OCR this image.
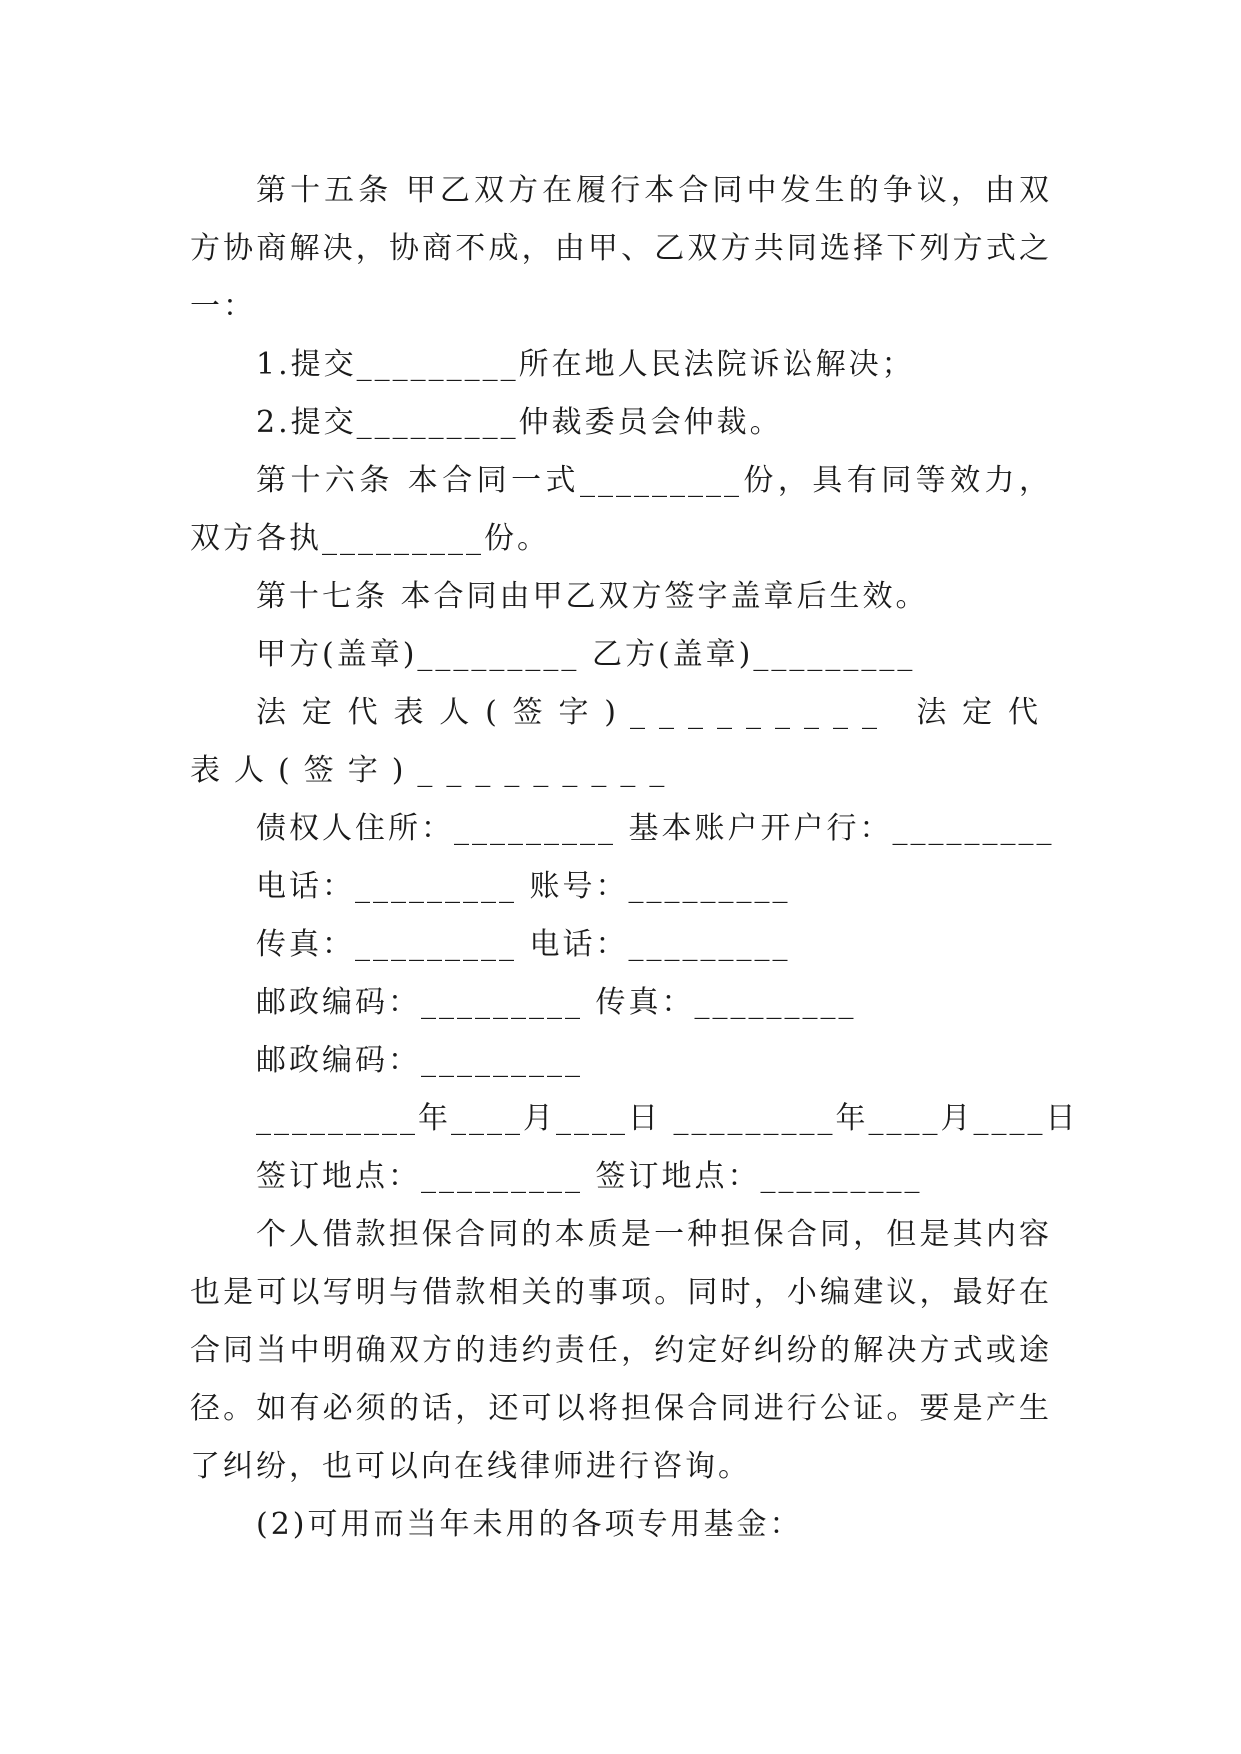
第十五条 甲乙双方在履行本合同中发生的争议，由双方协商解决，协商不成，由甲、乙双方共同选择下列方式之一：

1.提交_________所在地人民法院诉讼解决；

2.提交_________仲裁委员会仲裁。

第十六条 本合同一式_________份，具有同等效力，双方各执_________份。

第十七条 本合同由甲乙双方签字盖章后生效。

甲方(盖章)_________ 乙方(盖章)_________

法定代表人(签字)_________ 法定代表人(签字)_________

债权人住所：_________ 基本账户开户行：_________

电话：_________ 账号：_________

传真：_________ 电话：_________

邮政编码：_________ 传真：_________

邮政编码：_________

_________年____月____日 _________年____月____日

签订地点：_________ 签订地点：_________

个人借款担保合同的本质是一种担保合同，但是其内容也是可以写明与借款相关的事项。同时，小编建议，最好在合同当中明确双方的违约责任，约定好纠纷的解决方式或途径。如有必须的话，还可以将担保合同进行公证。要是产生了纠纷，也可以向在线律师进行咨询。

(2)可用而当年未用的各项专用基金：
